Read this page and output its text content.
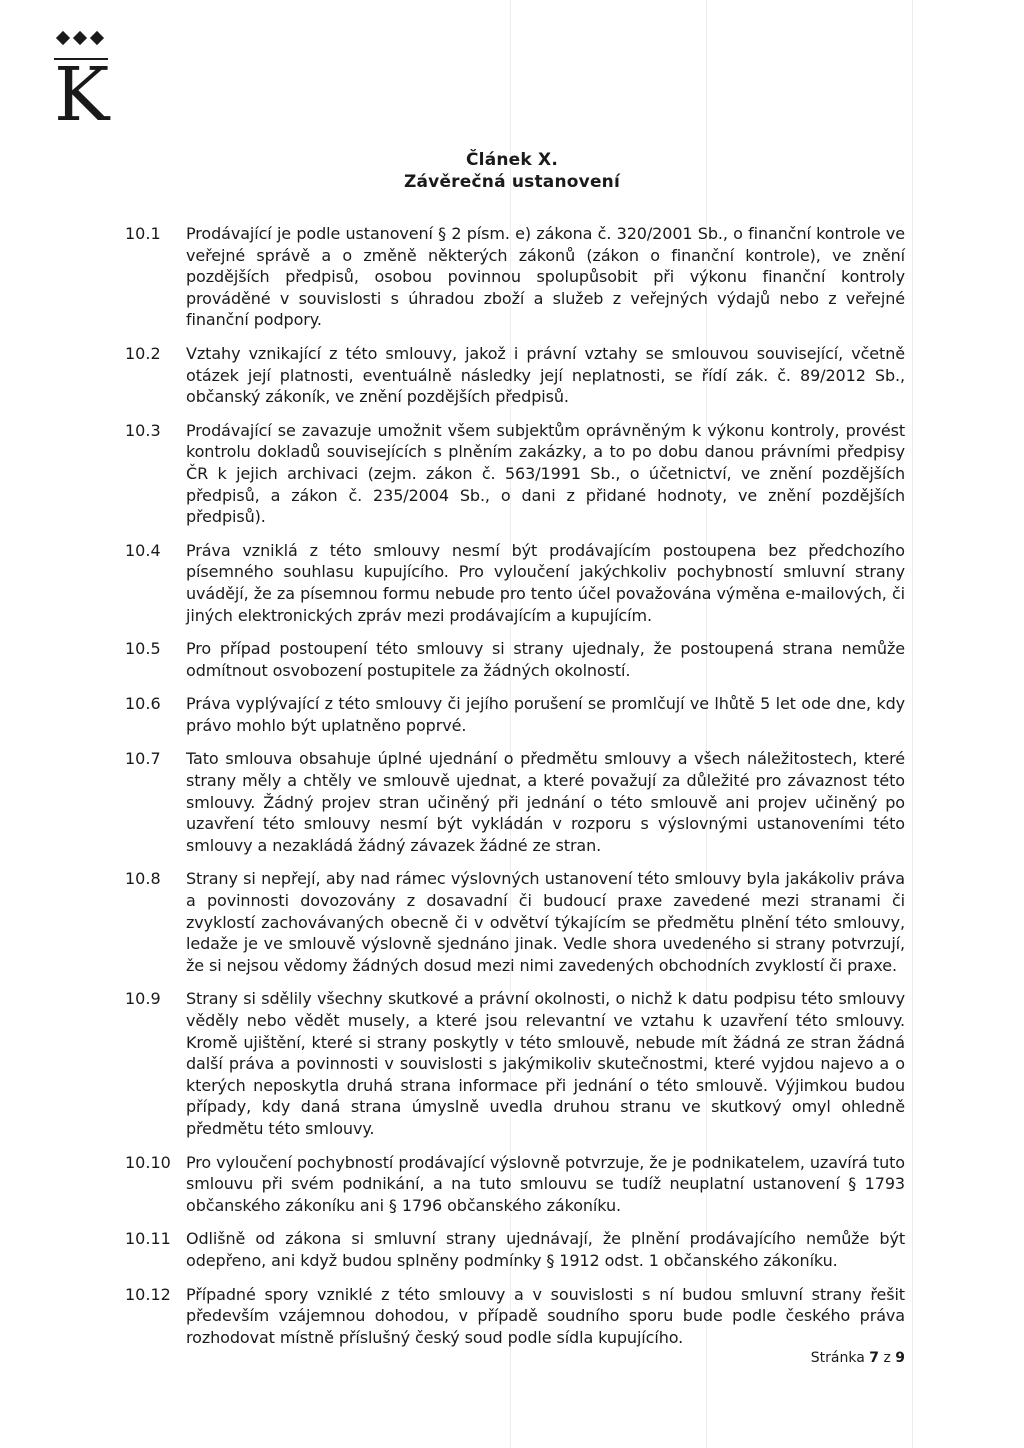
K
Článek X.
Závěrečná ustanovení
10.1	Prodávající je podle ustanovení § 2 písm. e) zákona č. 320/2001 Sb., o finanční kontrole ve veřejné správě a o změně některých zákonů (zákon o finanční kontrole), ve znění pozdějších předpisů, osobou povinnou spolupůsobit při výkonu finanční kontroly prováděné v souvislosti s úhradou zboží a služeb z veřejných výdajů nebo z veřejné finanční podpory.
10.2	Vztahy vznikající z této smlouvy, jakož i právní vztahy se smlouvou související, včetně otázek její platnosti, eventuálně následky její neplatnosti, se řídí zák. č. 89/2012 Sb., občanský zákoník, ve znění pozdějších předpisů.
10.3	Prodávající se zavazuje umožnit všem subjektům oprávněným k výkonu kontroly, provést kontrolu dokladů souvisejících s plněním zakázky, a to po dobu danou právními předpisy ČR k jejich archivaci (zejm. zákon č. 563/1991 Sb., o účetnictví, ve znění pozdějších předpisů, a zákon č. 235/2004 Sb., o dani z přidané hodnoty, ve znění pozdějších předpisů).
10.4	Práva vzniklá z této smlouvy nesmí být prodávajícím postoupena bez předchozího písemného souhlasu kupujícího. Pro vyloučení jakýchkoliv pochybností smluvní strany uvádějí, že za písemnou formu nebude pro tento účel považována výměna e-mailových, či jiných elektronických zpráv mezi prodávajícím a kupujícím.
10.5	Pro případ postoupení této smlouvy si strany ujednaly, že postoupená strana nemůže odmítnout osvobození postupitele za žádných okolností.
10.6	Práva vyplývající z této smlouvy či jejího porušení se promlčují ve lhůtě 5 let ode dne, kdy právo mohlo být uplatněno poprvé.
10.7	Tato smlouva obsahuje úplné ujednání o předmětu smlouvy a všech náležitostech, které strany měly a chtěly ve smlouvě ujednat, a které považují za důležité pro závaznost této smlouvy. Žádný projev stran učiněný při jednání o této smlouvě ani projev učiněný po uzavření této smlouvy nesmí být vykládán v rozporu s výslovnými ustanoveními této smlouvy a nezakládá žádný závazek žádné ze stran.
10.8	Strany si nepřejí, aby nad rámec výslovných ustanovení této smlouvy byla jakákoliv práva a povinnosti dovozovány z dosavadní či budoucí praxe zavedené mezi stranami či zvyklostí zachovávaných obecně či v odvětví týkajícím se předmětu plnění této smlouvy, ledaže je ve smlouvě výslovně sjednáno jinak. Vedle shora uvedeného si strany potvrzují, že si nejsou vědomy žádných dosud mezi nimi zavedených obchodních zvyklostí či praxe.
10.9	Strany si sdělily všechny skutkové a právní okolnosti, o nichž k datu podpisu této smlouvy věděly nebo vědět musely, a které jsou relevantní ve vztahu k uzavření této smlouvy. Kromě ujištění, které si strany poskytly v této smlouvě, nebude mít žádná ze stran žádná další práva a povinnosti v souvislosti s jakýmikoliv skutečnostmi, které vyjdou najevo a o kterých neposkytla druhá strana informace při jednání o této smlouvě. Výjimkou budou případy, kdy daná strana úmyslně uvedla druhou stranu ve skutkový omyl ohledně předmětu této smlouvy.
10.10 Pro vyloučení pochybností prodávající výslovně potvrzuje, že je podnikatelem, uzavírá tuto smlouvu při svém podnikání, a na tuto smlouvu se tudíž neuplatní ustanovení § 1793 občanského zákoníku ani § 1796 občanského zákoníku.
10.11 Odlišně od zákona si smluvní strany ujednávají, že plnění prodávajícího nemůže být odepřeno, ani když budou splněny podmínky § 1912 odst. 1 občanského zákoníku.
10.12 Případné spory vzniklé z této smlouvy a v souvislosti s ní budou smluvní strany řešit především vzájemnou dohodou, v případě soudního sporu bude podle českého práva rozhodovat místně příslušný český soud podle sídla kupujícího.
Stránka 7 z 9
